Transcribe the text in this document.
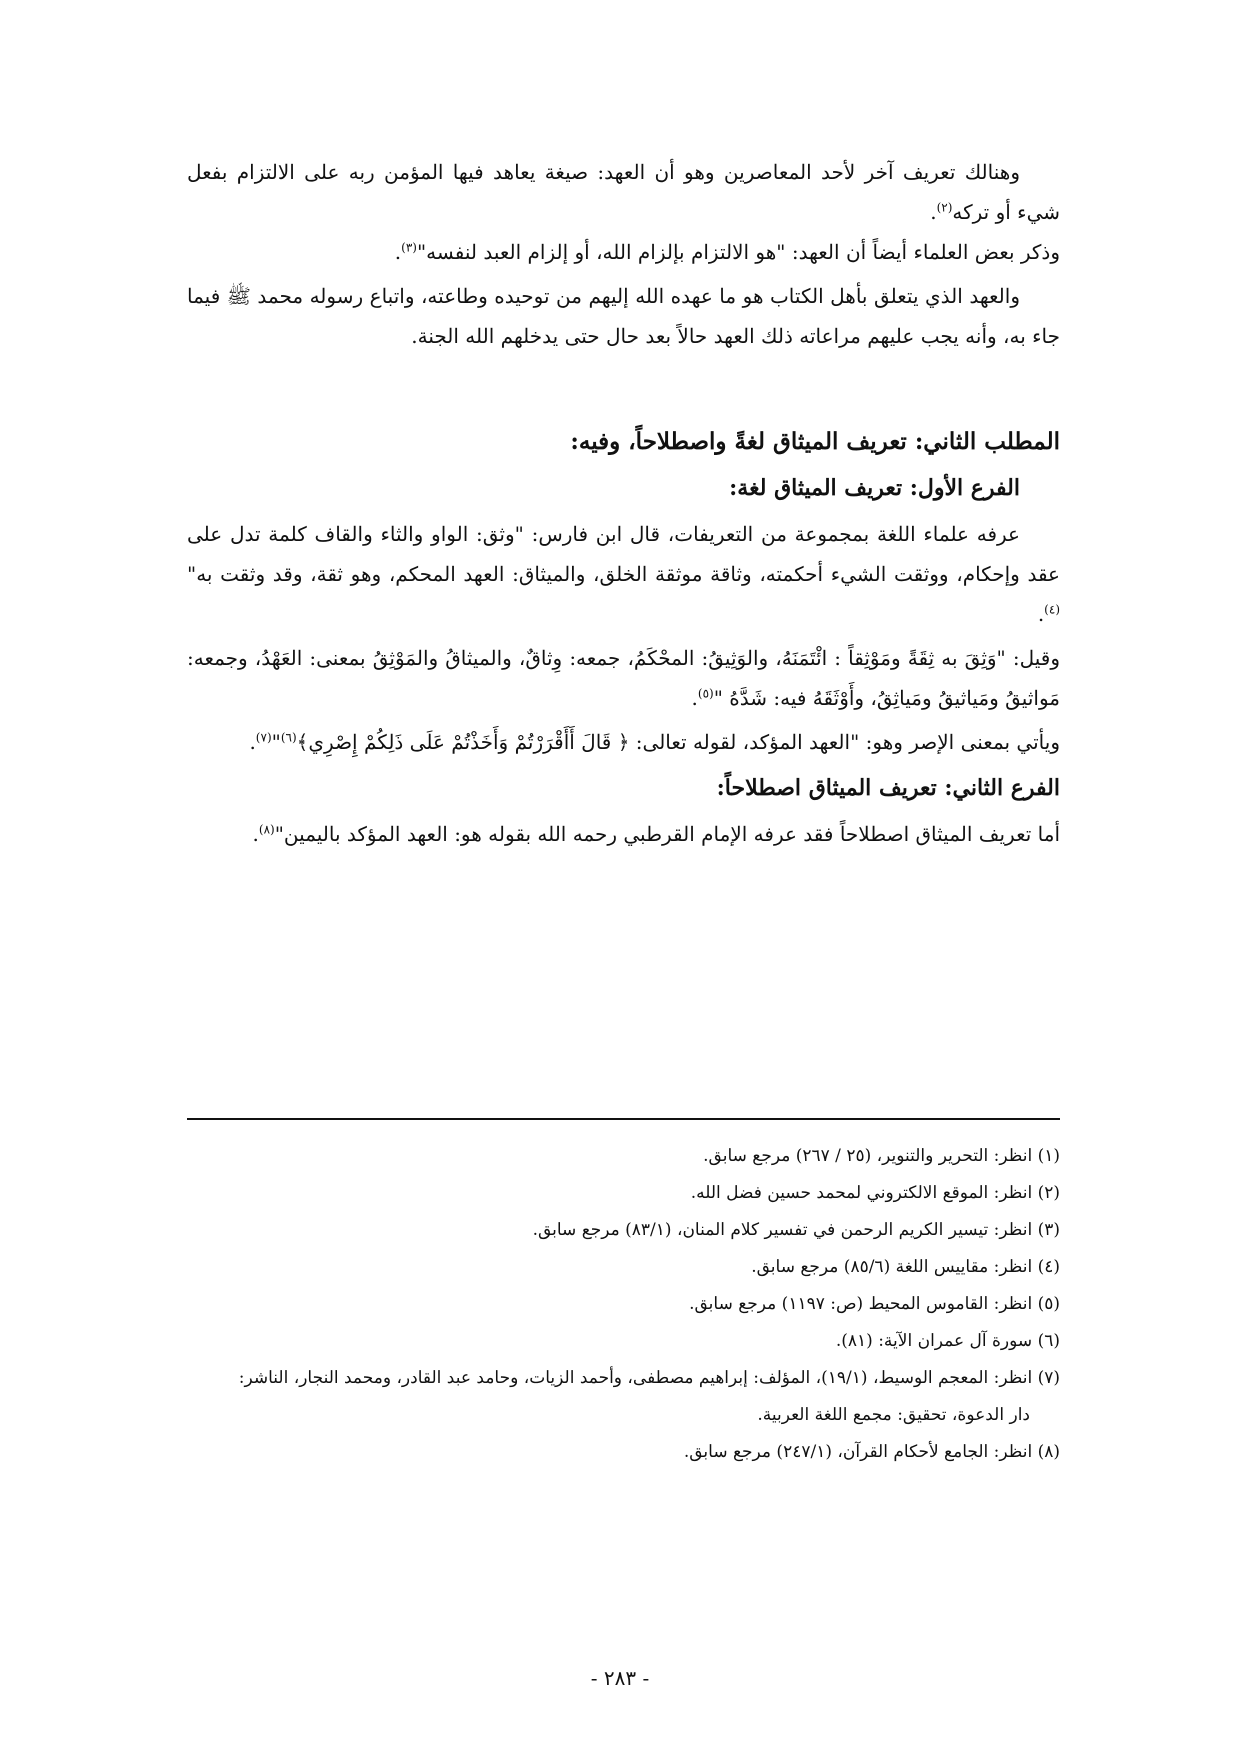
وهنالك تعريف آخر لأحد المعاصرين وهو أن العهد: صيغة يعاهد فيها المؤمن ربه على الالتزام بفعل شيء أو تركه$^{(٢)}$.

وذكر بعض العلماء أيضاً أن العهد: "هو الالتزام بإلزام الله، أو إلزام العبد لنفسه"$^{(٣)}$.

والعهد الذي يتعلق بأهل الكتاب هو ما عهده الله إليهم من توحيده وطاعته، واتباع رسوله محمد ﷺ فيما جاء به، وأنه يجب عليهم مراعاته ذلك العهد حالاً بعد حال حتى يدخلهم الله الجنة.

المطلب الثاني: تعريف الميثاق لغةً واصطلاحاً، وفيه:

الفرع الأول: تعريف الميثاق لغة:

عرفه علماء اللغة بمجموعة من التعريفات، قال ابن فارس: "وثق: الواو والثاء والقاف كلمة تدل على عقد وإحكام، ووثقت الشيء أحكمته، وثاقة موثقة الخلق، والميثاق: العهد المحكم، وهو ثقة، وقد وثقت به"$^{(٤)}$.

وقيل: "وَثِقَ به ثِقَةً ومَوْثِقاً : ائْتَمَنَهُ، والوَثِيقُ: المحْكَمُ، جمعه: وِثاقٌ، والميثاقُ والمَوْثِقُ بمعنى: العَهْدُ، وجمعه: مَواثيقُ ومَياثيقُ ومَياثِقُ، وأَوْثَقَهُ فيه: شَدَّهُ "$^{(٥)}$.

ويأتي بمعنى الإصر وهو: "العهد المؤكد، لقوله تعالى: ﴿ قَالَ أَأَقْرَرْتُمْ وَأَخَذْتُمْ عَلَى ذَلِكُمْ إِصْرِي﴾$^{(٦)}$"$^{(٧)}$.

الفرع الثاني: تعريف الميثاق اصطلاحاً:

أما تعريف الميثاق اصطلاحاً فقد عرفه الإمام القرطبي رحمه الله بقوله هو: العهد المؤكد باليمين"$^{(٨)}$.

(١) انظر: التحرير والتنوير، (٢٥ / ٢٦٧) مرجع سابق.
(٢) انظر: الموقع الالكتروني لمحمد حسين فضل الله.
(٣) انظر: تيسير الكريم الرحمن في تفسير كلام المنان، (٨٣/١) مرجع سابق.
(٤) انظر: مقاييس اللغة (٨٥/٦) مرجع سابق.
(٥) انظر: القاموس المحيط (ص: ١١٩٧) مرجع سابق.
(٦) سورة آل عمران الآية: (٨١).
(٧) انظر: المعجم الوسيط، (١٩/١)، المؤلف: إبراهيم مصطفى، وأحمد الزيات، وحامد عبد القادر، ومحمد النجار، الناشر:
دار الدعوة، تحقيق: مجمع اللغة العربية.
(٨) انظر: الجامع لأحكام القرآن، (٢٤٧/١) مرجع سابق.
- ٢٨٣ -
